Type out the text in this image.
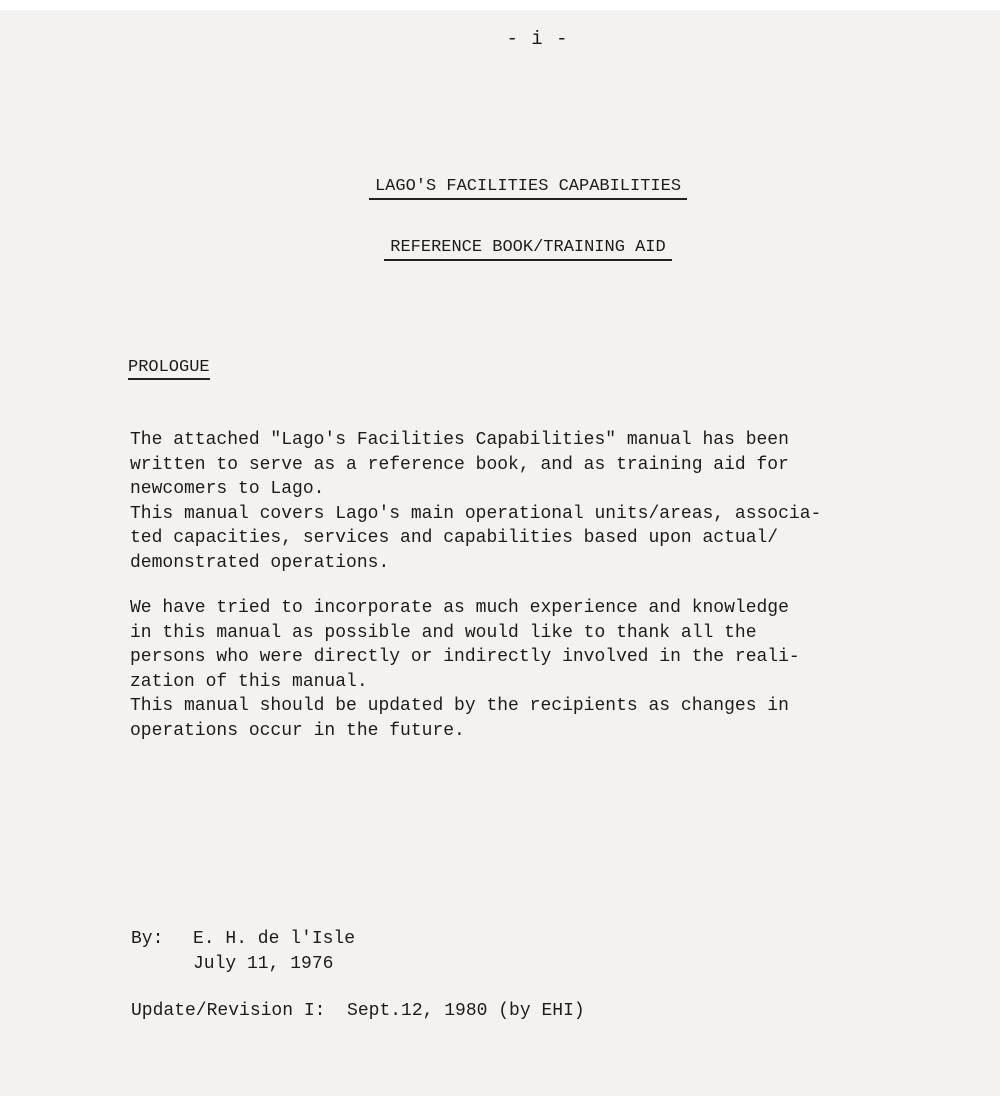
- i -
LAGO'S FACILITIES CAPABILITIES
REFERENCE BOOK/TRAINING AID
PROLOGUE

The attached "Lago's Facilities Capabilities" manual has been
written to serve as a reference book, and as training aid for
newcomers to Lago.
This manual covers Lago's main operational units/areas, associa-
ted capacities, services and capabilities based upon actual/
demonstrated operations.

We have tried to incorporate as much experience and knowledge
in this manual as possible and would like to thank all the
persons who were directly or indirectly involved in the reali-
zation of this manual.
This manual should be updated by the recipients as changes in
operations occur in the future.

By:	E. H. de l'Isle
July 11, 1976
Update/Revision I:  Sept.12, 1980 (by EHI)
